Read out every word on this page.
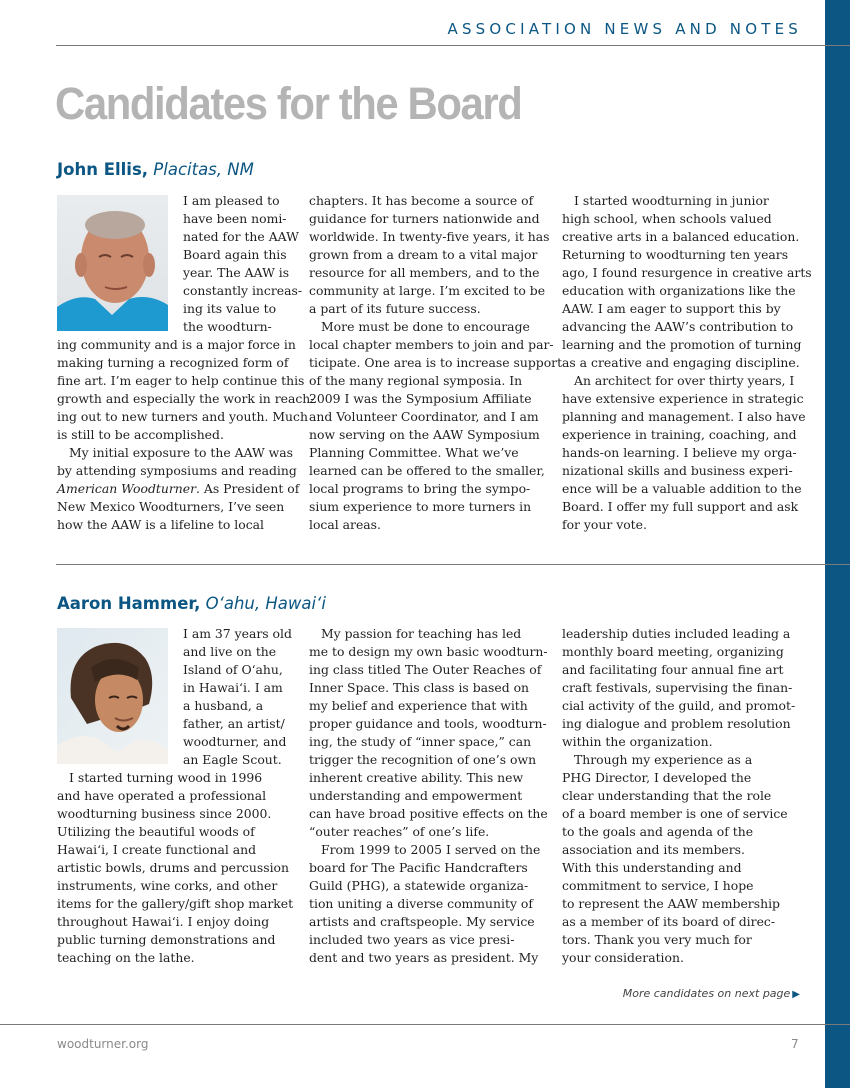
ASSOCIATION NEWS AND NOTES
Candidates for the Board
John Ellis, Placitas, NM
I am pleased to
have been nomi-
nated for the AAW
Board again this
year. The AAW is
constantly increas-
ing its value to
the woodturn-
ing community and is a major force in
making turning a recognized form of
fine art. I’m eager to help continue this
growth and especially the work in reach-
ing out to new turners and youth. Much
is still to be accomplished.
My initial exposure to the AAW was
by attending symposiums and reading
American Woodturner. As President of
New Mexico Woodturners, I’ve seen
how the AAW is a lifeline to local
chapters. It has become a source of
guidance for turners nationwide and
worldwide. In twenty-five years, it has
grown from a dream to a vital major
resource for all members, and to the
community at large. I’m excited to be
a part of its future success.
More must be done to encourage
local chapter members to join and par-
ticipate. One area is to increase support
of the many regional symposia. In
2009 I was the Symposium Affiliate
and Volunteer Coordinator, and I am
now serving on the AAW Symposium
Planning Committee. What we’ve
learned can be offered to the smaller,
local programs to bring the sympo-
sium experience to more turners in
local areas.
I started woodturning in junior
high school, when schools valued
creative arts in a balanced education.
Returning to woodturning ten years
ago, I found resurgence in creative arts
education with organizations like the
AAW. I am eager to support this by
advancing the AAW’s contribution to
learning and the promotion of turning
as a creative and engaging discipline.
An architect for over thirty years, I
have extensive experience in strategic
planning and management. I also have
experience in training, coaching, and
hands-on learning. I believe my orga-
nizational skills and business experi-
ence will be a valuable addition to the
Board. I offer my full support and ask
for your vote.
Aaron Hammer, O‘ahu, Hawai‘i
I am 37 years old
and live on the
Island of O‘ahu,
in Hawai‘i. I am
a husband, a
father, an artist/
woodturner, and
an Eagle Scout.
I started turning wood in 1996
and have operated a professional
woodturning business since 2000.
Utilizing the beautiful woods of
Hawai‘i, I create functional and
artistic bowls, drums and percussion
instruments, wine corks, and other
items for the gallery/gift shop market
throughout Hawai‘i. I enjoy doing
public turning demonstrations and
teaching on the lathe.
My passion for teaching has led
me to design my own basic woodturn-
ing class titled The Outer Reaches of
Inner Space. This class is based on
my belief and experience that with
proper guidance and tools, woodturn-
ing, the study of “inner space,” can
trigger the recognition of one’s own
inherent creative ability. This new
understanding and empowerment
can have broad positive effects on the
“outer reaches” of one’s life.
From 1999 to 2005 I served on the
board for The Pacific Handcrafters
Guild (PHG), a statewide organiza-
tion uniting a diverse community of
artists and craftspeople. My service
included two years as vice presi-
dent and two years as president. My
leadership duties included leading a
monthly board meeting, organizing
and facilitating four annual fine art
craft festivals, supervising the finan-
cial activity of the guild, and promot-
ing dialogue and problem resolution
within the organization.
Through my experience as a
PHG Director, I developed the
clear understanding that the role
of a board member is one of service
to the goals and agenda of the
association and its members.
With this understanding and
commitment to service, I hope
to represent the AAW membership
as a member of its board of direc-
tors. Thank you very much for
your consideration.
More candidates on next page ▶
woodturner.org	7
